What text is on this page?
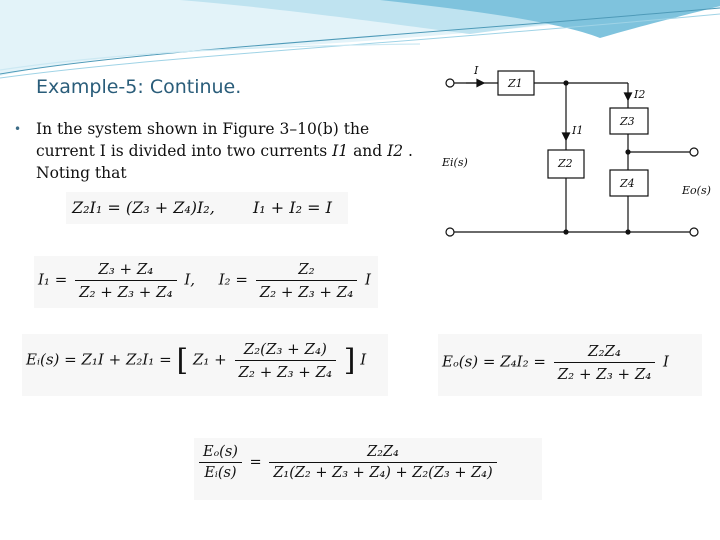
Example-5: Continue.
• In the system shown in Figure 3–10(b) the current I is divided into two currents I1 and I2 . Noting that
Z₂I₁ = (Z₃ + Z₄)I₂, I₁ + I₂ = I
$I_1 = \frac{\text{Z₃ + Z₄}}{\text{Z₂ + Z₃ + Z₄}} I$, $I_2 = \frac{\text{Z₂}}{\text{Z₂ + Z₃ + Z₄}}$ I
Eᵢ(s) = Z₁I + Z₂I₁ = [ $Z_1 + \frac{\text{Z₂(Z₃ + Z₄)}}{\text{Z₂ + Z₃ + Z₄}}$ ] I	$E_o(s) = Z_4I_2 = \frac{\text{Z₂Z₄}}{\text{Z₂ + Z₃ + Z₄}}$ I
$\frac{\text{Eₒ(s)}}{\text{Eᵢ(s)}} = \frac{\text{Z₂Z₄}}{\text{Z₁(Z₂ + Z₃ + Z₄) + Z₂(Z₃ + Z₄)}}$
I
Z1
I2
Z3
I1
Ei(s)	Z2
Z4
Eo(s)
